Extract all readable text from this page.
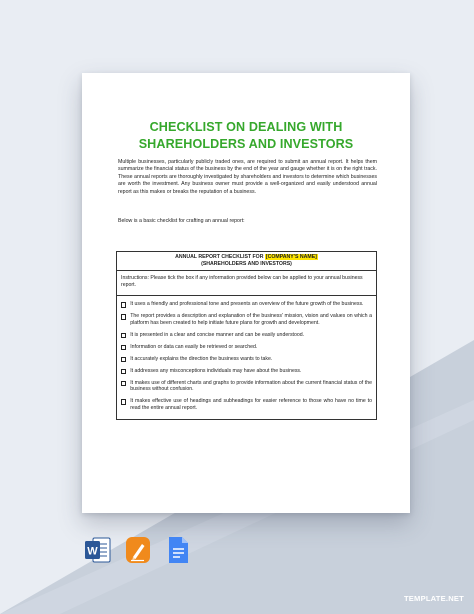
CHECKLIST ON DEALING WITH
SHAREHOLDERS AND INVESTORS
Multiple businesses, particularly publicly traded ones, are required to submit an annual report. It helps them summarize the financial status of the business by the end of the year and gauge whether it is on the right track. These annual reports are thoroughly investigated by shareholders and investors to determine which businesses are worth the investment. Any business owner must provide a well-organized and easily understood annual report as this makes or breaks the reputation of a business.
Below is a basic checklist for crafting an annual report:
ANNUAL REPORT CHECKLIST FOR [COMPANY'S NAME]
(SHAREHOLDERS AND INVESTORS)

Instructions: Please tick the box if any information provided below can be applied to your annual business report.

It uses a friendly and professional tone and presents an overview of the future growth of the business.
The report provides a description and explanation of the business' mission, vision and values on which a platform has been created to help initiate future plans for growth and development.
It is presented in a clear and concise manner and can be easily understood.
Information or data can easily be retrieved or searched.
It accurately explains the direction the business wants to take.
It addresses any misconceptions individuals may have about the business.
It makes use of different charts and graphs to provide information about the current financial status of the business without confusion.
It makes effective use of headings and subheadings for easier reference to those who have no time to read the entire annual report.
W
TEMPLATE.NET
